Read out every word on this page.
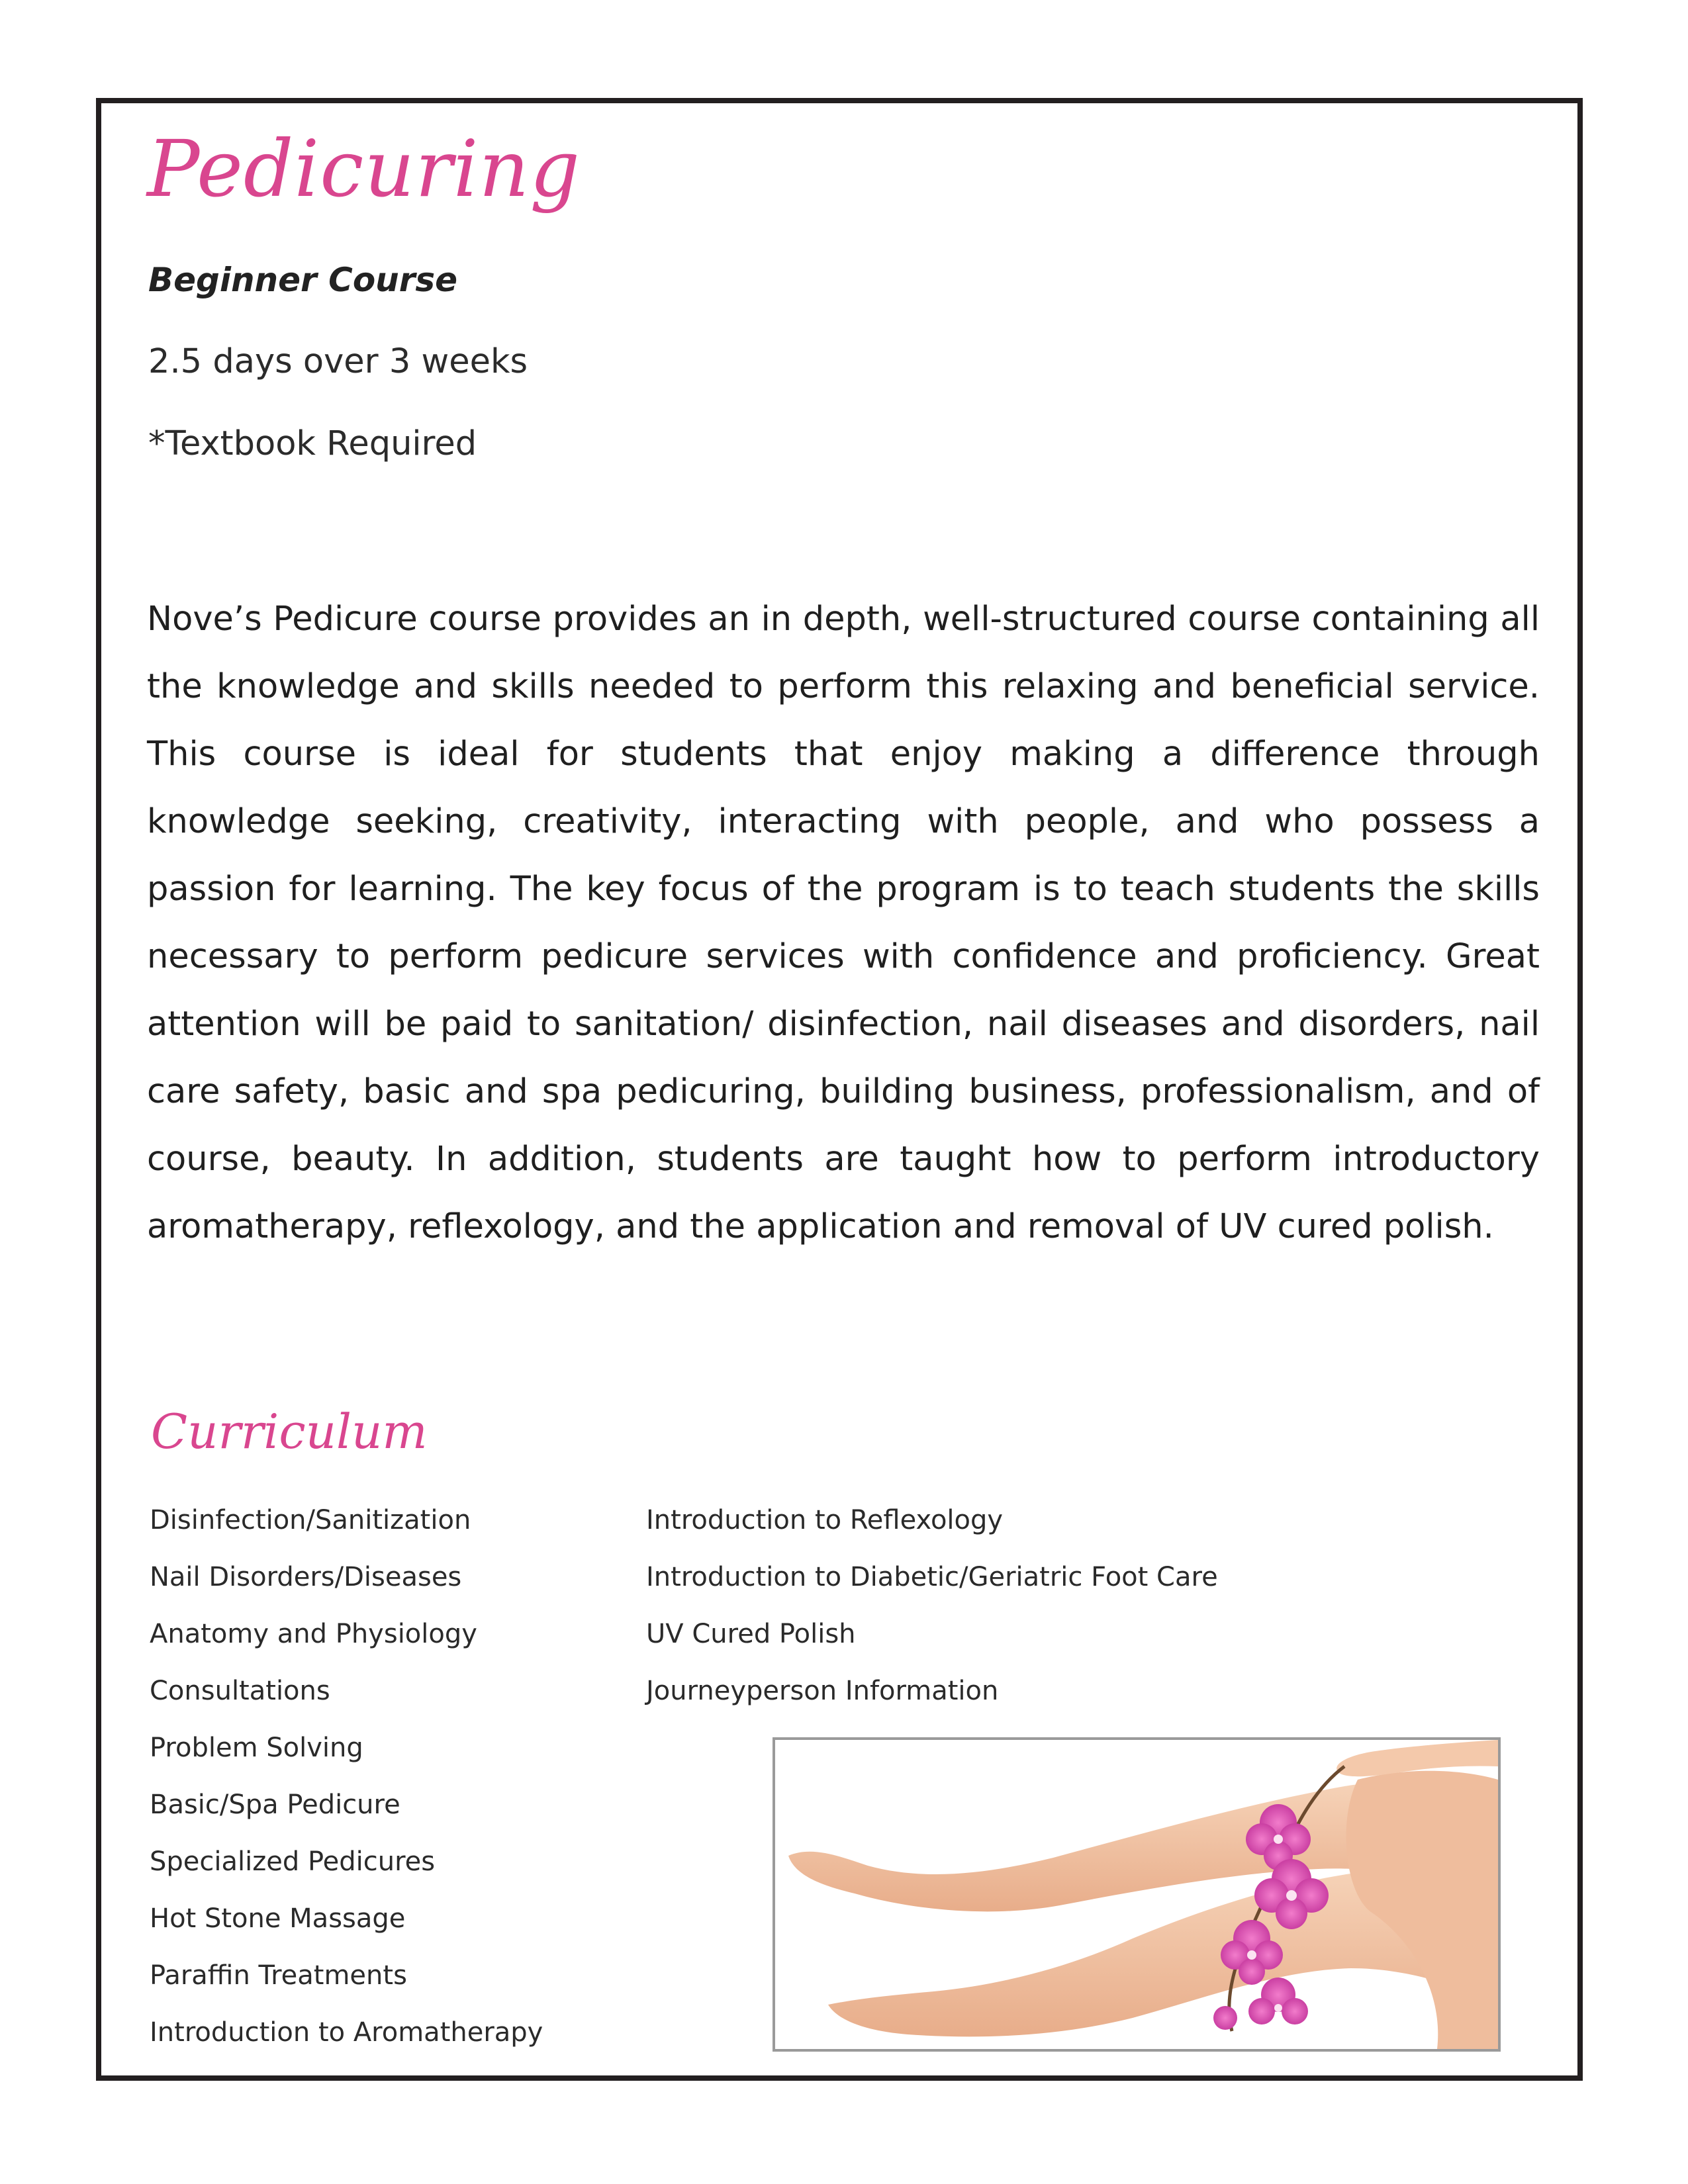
Pedicuring
Beginner Course
2.5 days over 3 weeks
*Textbook Required

Nove’s Pedicure course provides an in depth, well-structured course containing all the knowledge and skills needed to perform this relaxing and beneficial service. This course is ideal for students that enjoy making a difference through knowledge seeking, creativity, interacting with people, and who possess a passion for learning. The key focus of the program is to teach students the skills necessary to perform pedicure services with confidence and proficiency. Great attention will be paid to sanitation/ disinfection, nail diseases and disorders, nail care safety, basic and spa pedicuring, building business, professionalism, and of course, beauty. In addition, students are taught how to perform introductory aromatherapy, reflexology, and the application and removal of UV cured polish.

Curriculum
Disinfection/Sanitization
Nail Disorders/Diseases
Anatomy and Physiology
Consultations
Problem Solving
Basic/Spa Pedicure
Specialized Pedicures
Hot Stone Massage
Paraffin Treatments
Introduction to Aromatherapy
Introduction to Reflexology
Introduction to Diabetic/Geriatric Foot Care
UV Cured Polish
Journeyperson Information
